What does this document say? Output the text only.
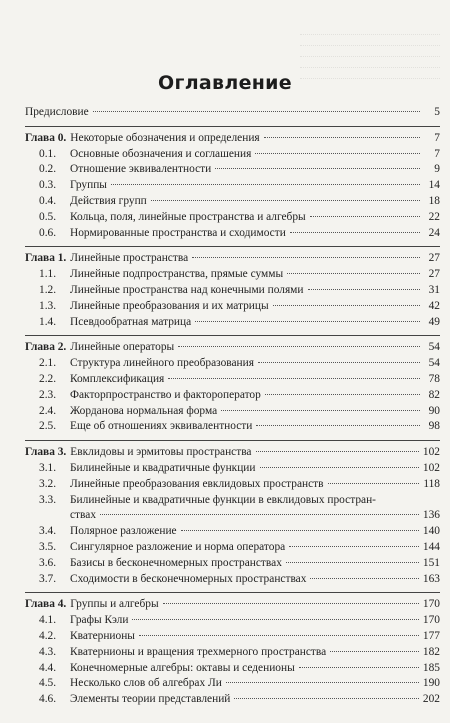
Оглавление
Предисловие	5
Глава 0. Некоторые обозначения и определения	7
0.1.	Основные обозначения и соглашения	7
0.2.	Отношение эквивалентности	9
0.3.	Группы	14
0.4.	Действия групп	18
0.5.	Кольца, поля, линейные пространства и алгебры	22
0.6.	Нормированные пространства и сходимости	24
Глава 1. Линейные пространства	27
1.1.	Линейные подпространства, прямые суммы	27
1.2.	Линейные пространства над конечными полями	31
1.3.	Линейные преобразования и их матрицы	42
1.4.	Псевдообратная матрица	49
Глава 2. Линейные операторы	54
2.1.	Структура линейного преобразования	54
2.2.	Комплексификация	78
2.3.	Факторпространство и фактороператор	82
2.4.	Жорданова нормальная форма	90
2.5.	Еще об отношениях эквивалентности	98
Глава 3. Евклидовы и эрмитовы пространства	102
3.1.	Билинейные и квадратичные функции	102
3.2.	Линейные преобразования евклидовых пространств	118
3.3.	Билинейные и квадратичные функции в евклидовых простран-
ствах	136
3.4.	Полярное разложение	140
3.5.	Сингулярное разложение и норма оператора	144
3.6.	Базисы в бесконечномерных пространствах	151
3.7.	Сходимости в бесконечномерных пространствах	163
Глава 4. Группы и алгебры	170
4.1.	Графы Кэли	170
4.2.	Кватернионы	177
4.3.	Кватернионы и вращения трехмерного пространства	182
4.4.	Конечномерные алгебры: октавы и седенионы	185
4.5.	Несколько слов об алгебрах Ли	190
4.6.	Элементы теории представлений	202
